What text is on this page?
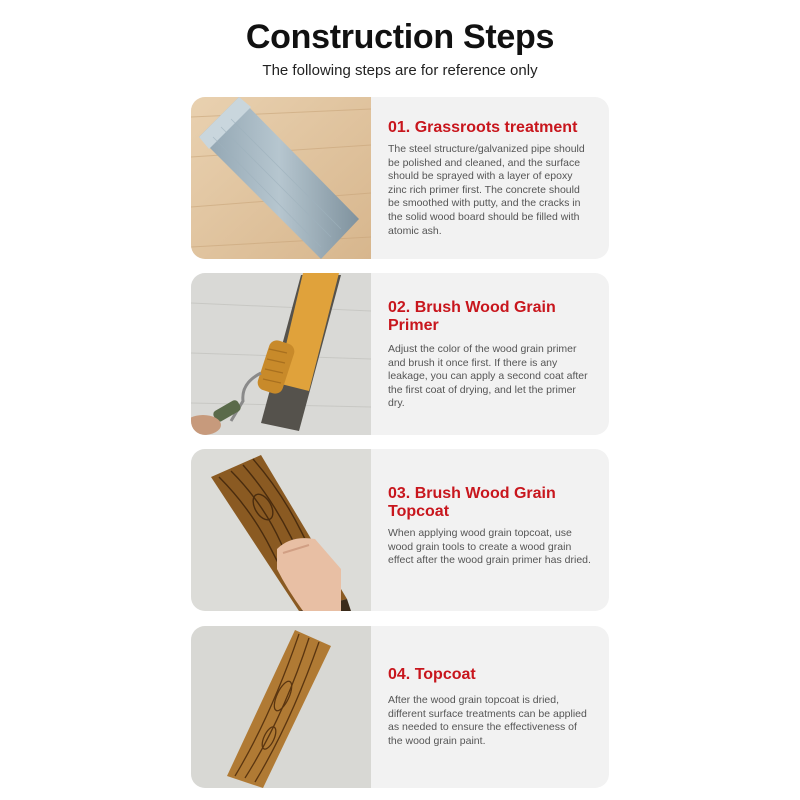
Construction Steps
The following steps are for reference only
01. Grassroots treatment
The steel structure/galvanized pipe should be polished and cleaned, and the surface should be sprayed with a layer of epoxy zinc rich primer first. The concrete should be smoothed with putty, and the cracks in the solid wood board should be filled with atomic ash.
02. Brush Wood Grain Primer
Adjust the color of the wood grain primer and brush it once first. If there is any leakage, you can apply a second coat after the first coat of drying, and let the primer dry.
03. Brush Wood Grain Topcoat
When applying wood grain topcoat, use wood grain tools to create a wood grain effect after the wood grain primer has dried.
04. Topcoat
After the wood grain topcoat is dried, different surface treatments can be applied as needed to ensure the effectiveness of the wood grain paint.
